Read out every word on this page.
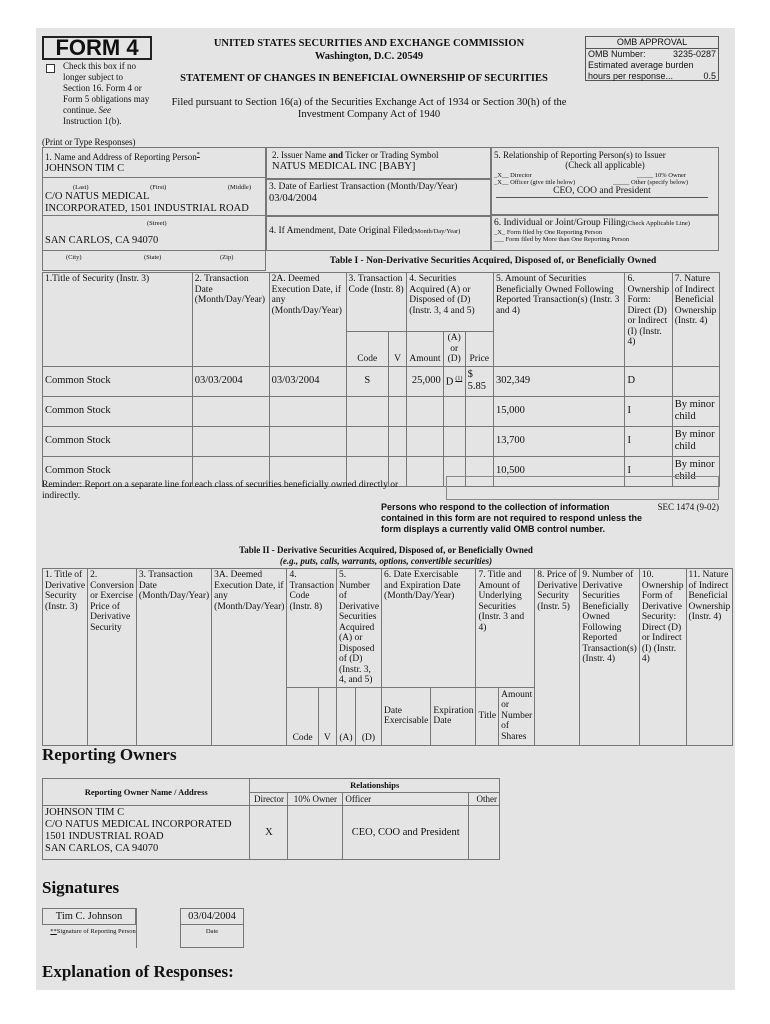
FORM 4
Check this box if no longer subject to Section 16. Form 4 or Form 5 obligations may continue. See Instruction 1(b).
UNITED STATES SECURITIES AND EXCHANGE COMMISSION
Washington, D.C. 20549
STATEMENT OF CHANGES IN BENEFICIAL OWNERSHIP OF SECURITIES
Filed pursuant to Section 16(a) of the Securities Exchange Act of 1934 or Section 30(h) of the
Investment Company Act of 1940
OMB APPROVAL
OMB Number:	3235-0287
Estimated average burden
hours per response...	0.5
(Print or Type Responses)
1. Name and Address of Reporting Person*
JOHNSON TIM C
(Last)	(First)	(Middle)
C/O NATUS MEDICAL
INCORPORATED, 1501 INDUSTRIAL ROAD
(Street)
SAN CARLOS, CA 94070
2. Issuer Name and Ticker or Trading Symbol
NATUS MEDICAL INC [BABY]
3. Date of Earliest Transaction (Month/Day/Year)
03/04/2004
4. If Amendment, Date Original Filed(Month/Day/Year)
5. Relationship of Reporting Person(s) to Issuer
(Check all applicable)
_X__ Director	_____ 10% Owner
_X__ Officer (give title below)	_____ Other (specify below)
CEO, COO and President
6. Individual or Joint/Group Filing(Check Applicable Line)
_X_ Form filed by One Reporting Person
___ Form filed by More than One Reporting Person
(City)	(State)	(Zip)	Table I - Non-Derivative Securities Acquired, Disposed of, or Beneficially Owned
1.Title of Security (Instr. 3)	2. Transaction Date (Month/Day/Year)	2A. Deemed Execution Date, if any (Month/Day/Year)	3. Transaction Code (Instr. 8)		4. Securities Acquired (A) or Disposed of (D) (Instr. 3, 4 and 5)			5. Amount of Securities Beneficially Owned Following Reported Transaction(s) (Instr. 3 and 4)	6. Ownership Form: Direct (D) or Indirect (I) (Instr. 4)	7. Nature of Indirect Beneficial Ownership (Instr. 4)
			Code	V	Amount	(A) or (D)	Price			
Common Stock	03/03/2004	03/03/2004	S		25,000	D $^{(1)}$	$ 5.85	302,349	D	
Common Stock								15,000	I	By minor child
Common Stock								13,700	I	By minor child
Common Stock								10,500	I	By minor child
Reminder: Report on a separate line for each class of securities beneficially owned directly or indirectly.
Persons who respond to the collection of information contained in this form are not required to respond unless the form displays a currently valid OMB control number.
SEC 1474 (9-02)
Table II - Derivative Securities Acquired, Disposed of, or Beneficially Owned
(e.g., puts, calls, warrants, options, convertible securities)
1. Title of Derivative Security (Instr. 3)	2. Conversion or Exercise Price of Derivative Security	3. Transaction Date (Month/Day/Year)	3A. Deemed Execution Date, if any (Month/Day/Year)	4. Transaction Code (Instr. 8)		5. Number of Derivative Securities Acquired (A) or Disposed of (D) (Instr. 3, 4, and 5)		6. Date Exercisable and Expiration Date (Month/Day/Year)		7. Title and Amount of Underlying Securities (Instr. 3 and 4)		8. Price of Derivative Security (Instr. 5)	9. Number of Derivative Securities Beneficially Owned Following Reported Transaction(s) (Instr. 4)	10. Ownership Form of Derivative Security: Direct (D) or Indirect (I) (Instr. 4)	11. Nature of Indirect Beneficial Ownership (Instr. 4)
				Code	V	(A)	(D)	Date Exercisable	Expiration Date	Title	Amount or Number of Shares				
Reporting Owners
Reporting Owner Name / Address	Relationships			
	Director	10% Owner	Officer	Other

JOHNSON TIM C
C/O NATUS MEDICAL INCORPORATED
1501 INDUSTRIAL ROAD
SAN CARLOS, CA 94070	X		CEO, COO and President	
Signatures
Tim C. Johnson	03/04/2004
**Signature of Reporting Person	Date
Explanation of Responses:
